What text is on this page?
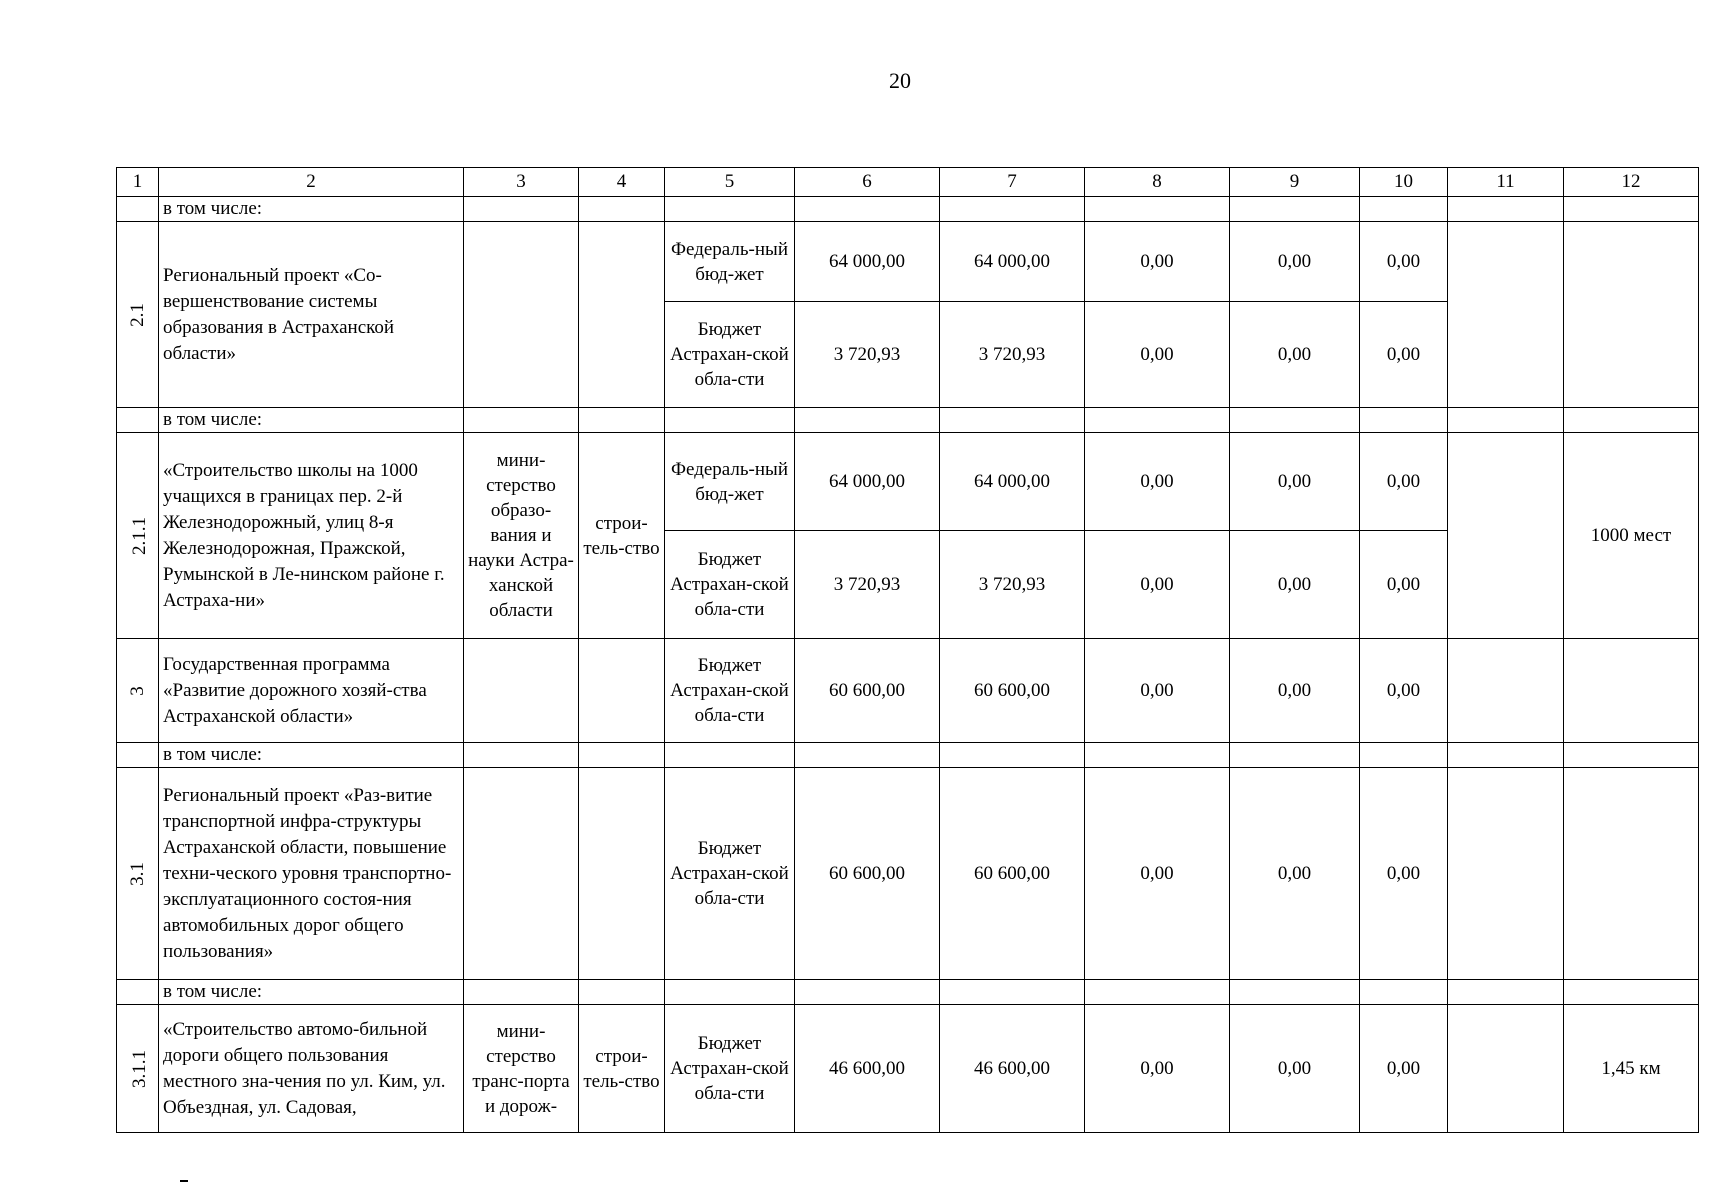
20
1	2	3	4	5	6	7	8	9	10	11	12
	в том числе:										
2.1	Региональный проект «Со-вершенствование системы образования в Астраханской области»			Федераль-ный бюд-жет	64 000,00	64 000,00	0,00	0,00	0,00		
				Бюджет Астрахан-ской обла-сти	3 720,93	3 720,93	0,00	0,00	0,00		
	в том числе:										
2.1.1	«Строительство школы на 1000 учащихся в границах пер. 2-й Железнодорожный, улиц 8-я Железнодорожная, Пражской, Румынской в Ле-нинском районе г. Астраха-ни»	мини-стерство образо-вания и науки Астра-ханской области	строи-тель-ство	Федераль-ный бюд-жет	64 000,00	64 000,00	0,00	0,00	0,00		1000 мест
				Бюджет Астрахан-ской обла-сти	3 720,93	3 720,93	0,00	0,00	0,00		
3	Государственная программа «Развитие дорожного хозяй-ства Астраханской области»			Бюджет Астрахан-ской обла-сти	60 600,00	60 600,00	0,00	0,00	0,00		
	в том числе:										
3.1	Региональный проект «Раз-витие транспортной инфра-структуры Астраханской области, повышение техни-ческого уровня транспортно-эксплуатационного состоя-ния автомобильных дорог общего пользования»			Бюджет Астрахан-ской обла-сти	60 600,00	60 600,00	0,00	0,00	0,00		
	в том числе:										
3.1.1	«Строительство автомо-бильной дороги общего пользования местного зна-чения по ул. Ким, ул. Объездная, ул. Садовая,	мини-стерство транс-порта и дорож-	строи-тель-ство	Бюджет Астрахан-ской обла-сти	46 600,00	46 600,00	0,00	0,00	0,00		1,45 км
